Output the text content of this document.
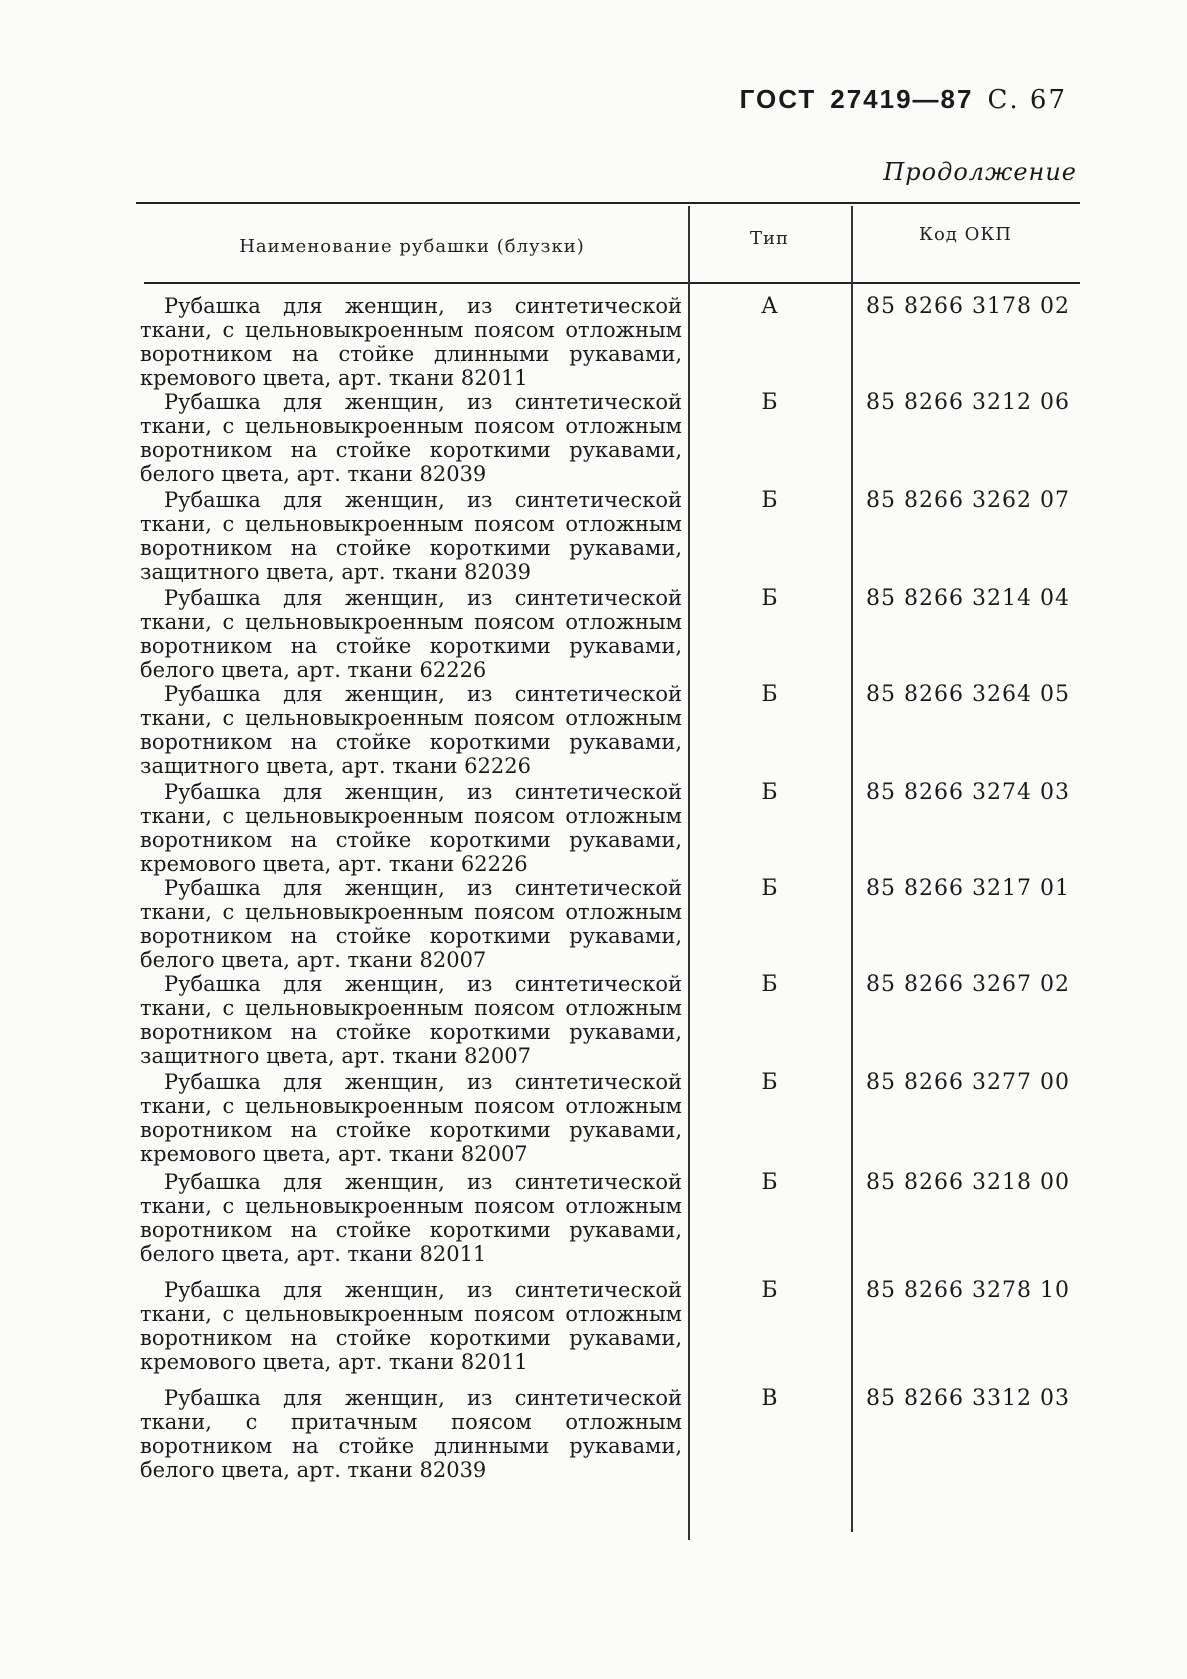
ГОСТ 27419—87 С. 67
Продолжение
Наименование рубашки (блузки)	Тип	Код ОКП
Рубашка для женщин, из синтетической ткани, с цельновыкроенным поясом отложным воротником на стойке длинными рукавами, кремового цвета, арт. ткани 82011
А	85 8266 3178 02
Рубашка для женщин, из синтетической ткани, с цельновыкроенным поясом отложным воротником на стойке короткими рукавами, белого цвета, арт. ткани 82039
Б	85 8266 3212 06
Рубашка для женщин, из синтетической ткани, с цельновыкроенным поясом отложным воротником на стойке короткими рукавами, защитного цвета, арт. ткани 82039
Б	85 8266 3262 07
Рубашка для женщин, из синтетической ткани, с цельновыкроенным поясом отложным воротником на стойке короткими рукавами, белого цвета, арт. ткани 62226
Б	85 8266 3214 04
Рубашка для женщин, из синтетической ткани, с цельновыкроенным поясом отложным воротником на стойке короткими рукавами, защитного цвета, арт. ткани 62226
Б	85 8266 3264 05
Рубашка для женщин, из синтетической ткани, с цельновыкроенным поясом отложным воротником на стойке короткими рукавами, кремового цвета, арт. ткани 62226
Б	85 8266 3274 03
Рубашка для женщин, из синтетической ткани, с цельновыкроенным поясом отложным воротником на стойке короткими рукавами, белого цвета, арт. ткани 82007
Б	85 8266 3217 01
Рубашка для женщин, из синтетической ткани, с цельновыкроенным поясом отложным воротником на стойке короткими рукавами, защитного цвета, арт. ткани 82007
Б	85 8266 3267 02
Рубашка для женщин, из синтетической ткани, с цельновыкроенным поясом отложным воротником на стойке короткими рукавами, кремового цвета, арт. ткани 82007
Б	85 8266 3277 00
Рубашка для женщин, из синтетической ткани, с цельновыкроенным поясом отложным воротником на стойке короткими рукавами, белого цвета, арт. ткани 82011
Б	85 8266 3218 00
Рубашка для женщин, из синтетической ткани, с цельновыкроенным поясом отложным воротником на стойке короткими рукавами, кремового цвета, арт. ткани 82011
Б	85 8266 3278 10
Рубашка для женщин, из синтетической ткани, с притачным поясом отложным воротником на стойке длинными рукавами, белого цвета, арт. ткани 82039
В	85 8266 3312 03
